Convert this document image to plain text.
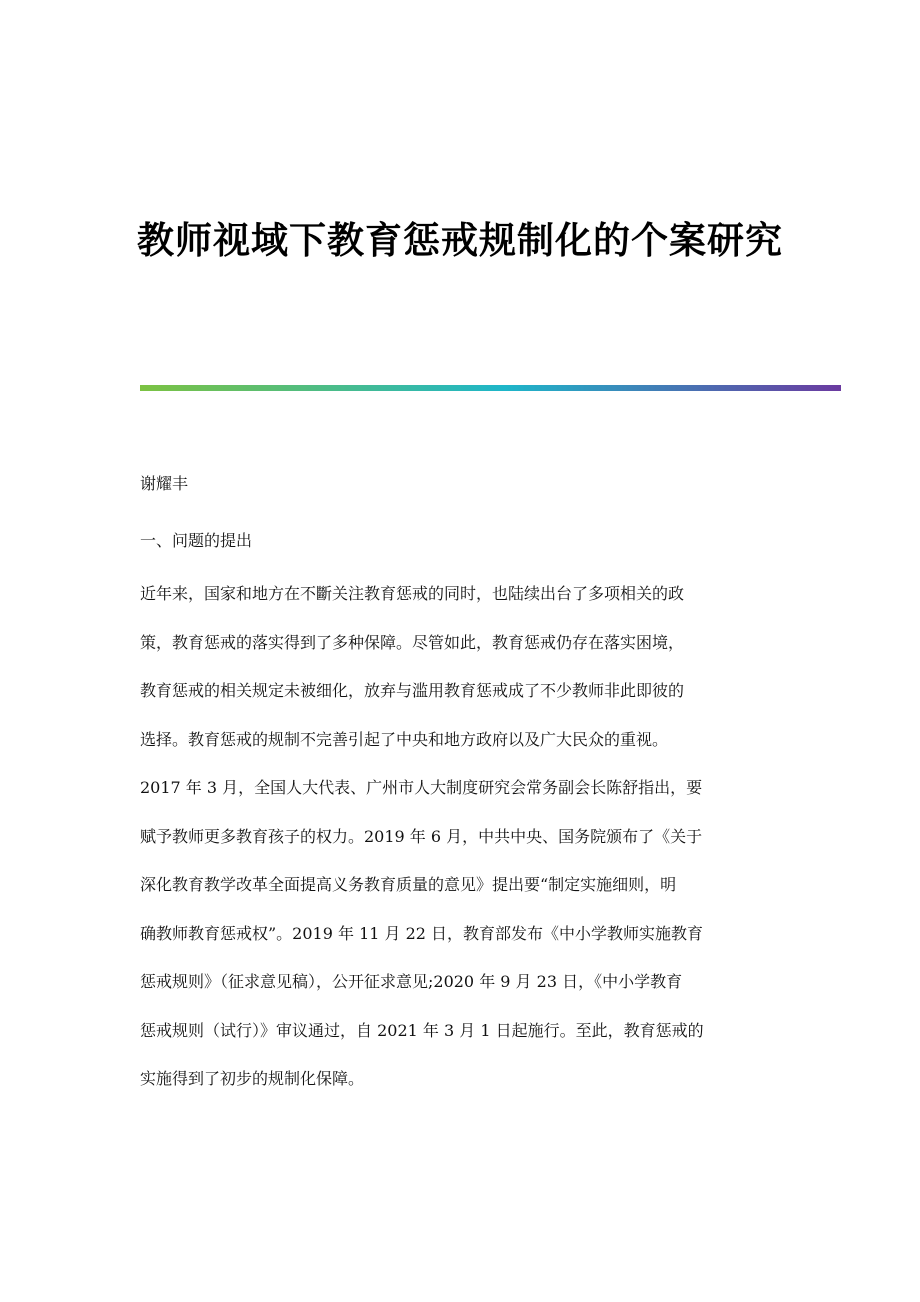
教师视域下教育惩戒规制化的个案研究
谢耀丰
一、问题的提出
近年来，国家和地方在不斷关注教育惩戒的同时，也陆续出台了多项相关的政
策，教育惩戒的落实得到了多种保障。尽管如此，教育惩戒仍存在落实困境，
教育惩戒的相关规定未被细化，放弃与滥用教育惩戒成了不少教师非此即彼的
选择。教育惩戒的规制不完善引起了中央和地方政府以及广大民众的重视。
2017 年 3 月，全国人大代表、广州市人大制度研究会常务副会长陈舒指出，要
赋予教师更多教育孩子的权力。2019 年 6 月，中共中央、国务院颁布了《关于
深化教育教学改革全面提高义务教育质量的意见》提出要“制定实施细则，明
确教师教育惩戒权”。2019 年 11 月 22 日，教育部发布《中小学教师实施教育
惩戒规则》（征求意见稿），公开征求意见;2020 年 9 月 23 日，《中小学教育
惩戒规则（试行）》审议通过，自 2021 年 3 月 1 日起施行。至此，教育惩戒的
实施得到了初步的规制化保障。
